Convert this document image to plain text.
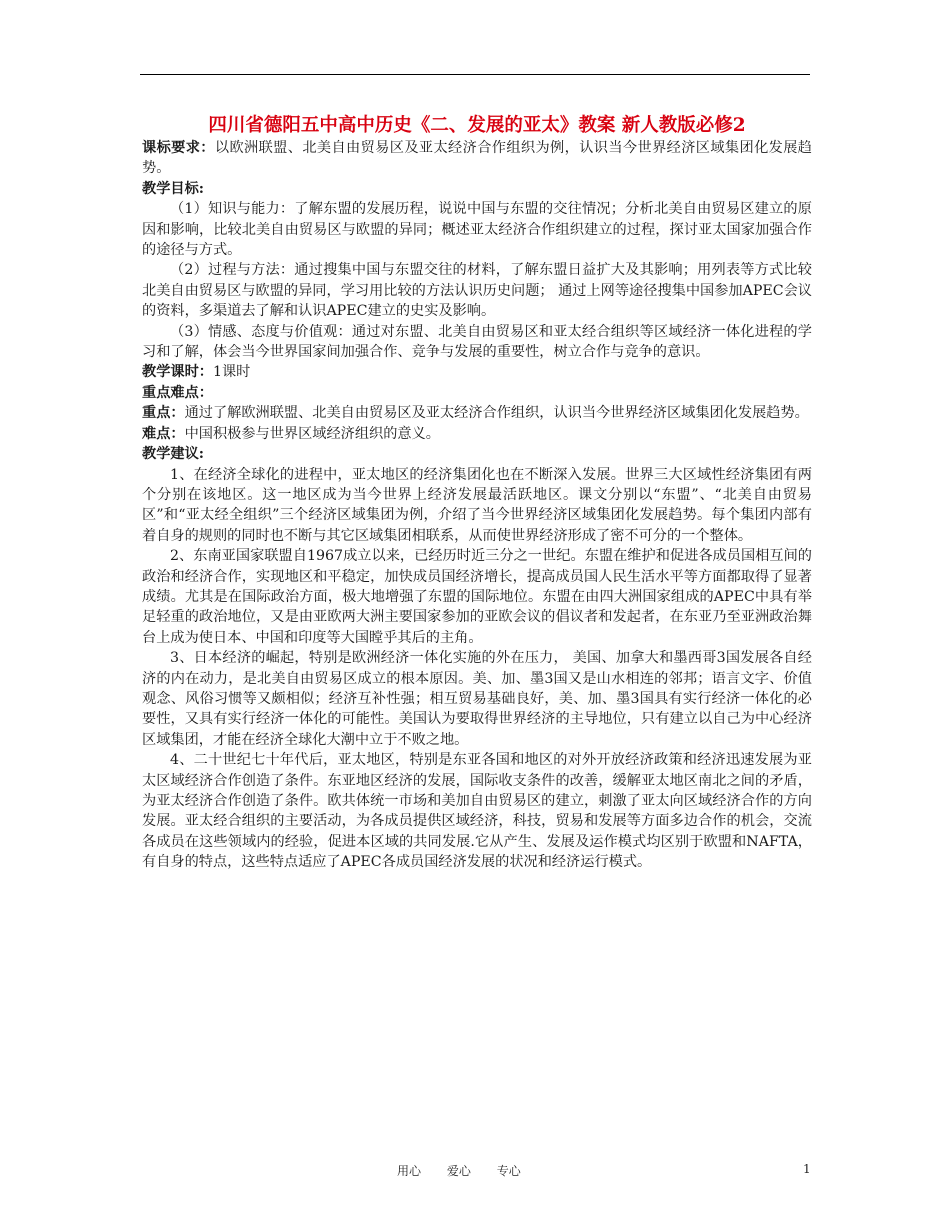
四川省德阳五中高中历史《二、发展的亚太》教案 新人教版必修2

课标要求：以欧洲联盟、北美自由贸易区及亚太经济合作组织为例，认识当今世界经济区域集团化发展趋势。

教学目标:

（1）知识与能力：了解东盟的发展历程，说说中国与东盟的交往情况；分析北美自由贸易区建立的原因和影响，比较北美自由贸易区与欧盟的异同；概述亚太经济合作组织建立的过程，探讨亚太国家加强合作的途径与方式。

（2）过程与方法：通过搜集中国与东盟交往的材料，了解东盟日益扩大及其影响；用列表等方式比较北美自由贸易区与欧盟的异同，学习用比较的方法认识历史问题； 通过上网等途径搜集中国参加APEC会议的资料，多渠道去了解和认识APEC建立的史实及影响。

（3）情感、态度与价值观：通过对东盟、北美自由贸易区和亚太经合组织等区域经济一体化进程的学习和了解，体会当今世界国家间加强合作、竞争与发展的重要性，树立合作与竞争的意识。

教学课时：1课时

重点难点：

重点：通过了解欧洲联盟、北美自由贸易区及亚太经济合作组织，认识当今世界经济区域集团化发展趋势。

难点：中国积极参与世界区域经济组织的意义。

教学建议:

1、在经济全球化的进程中，亚太地区的经济集团化也在不断深入发展。世界三大区域性经济集团有两个分别在该地区。这一地区成为当今世界上经济发展最活跃地区。课文分别以“东盟”、“北美自由贸易区”和“亚太经全组织”三个经济区域集团为例，介绍了当今世界经济区域集团化发展趋势。每个集团内部有着自身的规则的同时也不断与其它区域集团相联系，从而使世界经济形成了密不可分的一个整体。

2、东南亚国家联盟自1967成立以来，已经历时近三分之一世纪。东盟在维护和促进各成员国相互间的政治和经济合作，实现地区和平稳定，加快成员国经济增长，提高成员国人民生活水平等方面都取得了显著成绩。尤其是在国际政治方面，极大地增强了东盟的国际地位。东盟在由四大洲国家组成的APEC中具有举足轻重的政治地位，又是由亚欧两大洲主要国家参加的亚欧会议的倡议者和发起者，在东亚乃至亚洲政治舞台上成为使日本、中国和印度等大国瞠乎其后的主角。

3、日本经济的崛起，特别是欧洲经济一体化实施的外在压力， 美国、加拿大和墨西哥3国发展各自经济的内在动力，是北美自由贸易区成立的根本原因。美、加、墨3国又是山水相连的邻邦；语言文字、价值观念、风俗习惯等又颇相似；经济互补性强；相互贸易基础良好，美、加、墨3国具有实行经济一体化的必要性，又具有实行经济一体化的可能性。美国认为要取得世界经济的主导地位，只有建立以自己为中心经济区域集团，才能在经济全球化大潮中立于不败之地。

4、二十世纪七十年代后，亚太地区，特别是东亚各国和地区的对外开放经济政策和经济迅速发展为亚太区域经济合作创造了条件。东亚地区经济的发展，国际收支条件的改善，缓解亚太地区南北之间的矛盾，为亚太经济合作创造了条件。欧共体统一市场和美加自由贸易区的建立，刺激了亚太向区域经济合作的方向发展。亚太经合组织的主要活动，为各成员提供区域经济，科技，贸易和发展等方面多边合作的机会，交流各成员在这些领域内的经验，促进本区域的共同发展.它从产生、发展及运作模式均区别于欧盟和NAFTA，有自身的特点，这些特点适应了APEC各成员国经济发展的状况和经济运行模式。

用心 爱心 专心	1
